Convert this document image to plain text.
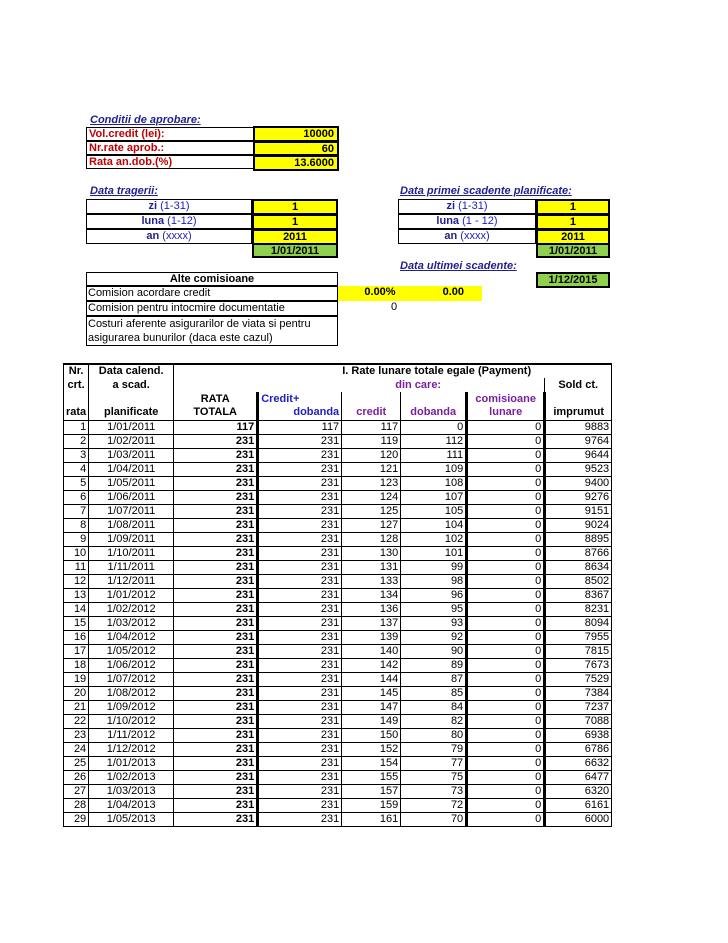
Conditii de aprobare:
Vol.credit (lei):	10000
Nr.rate aprob.:	60
Rata an.dob.(%)	13.6000
Data tragerii:
zi (1-31)	1
luna (1-12)	1
an (xxxx)	2011
1/01/2011
Data primei scadente planificate:
zi (1-31)	1
luna (1 - 12)	1
an (xxxx)	2011
1/01/2011
Data ultimei scadente:
1/12/2015
Alte comisioane
Comision acordare credit	0.00%	0.00
Comision pentru intocmire documentatie	0
Costuri aferente asigurarilor de viata si pentru
asigurarea bunurilor (daca este cazul)
Nr.	Data calend.	I. Rate lunare totale egale (Payment)					
crt.	a scad.			din care:			Sold ct.
		RATA	Credit+			comisioane	
rata	planificate	TOTALA	dobanda	credit	dobanda	lunare	imprumut
1	1/01/2011	117	117	117	0	0	9883
2	1/02/2011	231	231	119	112	0	9764
3	1/03/2011	231	231	120	111	0	9644
4	1/04/2011	231	231	121	109	0	9523
5	1/05/2011	231	231	123	108	0	9400
6	1/06/2011	231	231	124	107	0	9276
7	1/07/2011	231	231	125	105	0	9151
8	1/08/2011	231	231	127	104	0	9024
9	1/09/2011	231	231	128	102	0	8895
10	1/10/2011	231	231	130	101	0	8766
11	1/11/2011	231	231	131	99	0	8634
12	1/12/2011	231	231	133	98	0	8502
13	1/01/2012	231	231	134	96	0	8367
14	1/02/2012	231	231	136	95	0	8231
15	1/03/2012	231	231	137	93	0	8094
16	1/04/2012	231	231	139	92	0	7955
17	1/05/2012	231	231	140	90	0	7815
18	1/06/2012	231	231	142	89	0	7673
19	1/07/2012	231	231	144	87	0	7529
20	1/08/2012	231	231	145	85	0	7384
21	1/09/2012	231	231	147	84	0	7237
22	1/10/2012	231	231	149	82	0	7088
23	1/11/2012	231	231	150	80	0	6938
24	1/12/2012	231	231	152	79	0	6786
25	1/01/2013	231	231	154	77	0	6632
26	1/02/2013	231	231	155	75	0	6477
27	1/03/2013	231	231	157	73	0	6320
28	1/04/2013	231	231	159	72	0	6161
29	1/05/2013	231	231	161	70	0	6000
